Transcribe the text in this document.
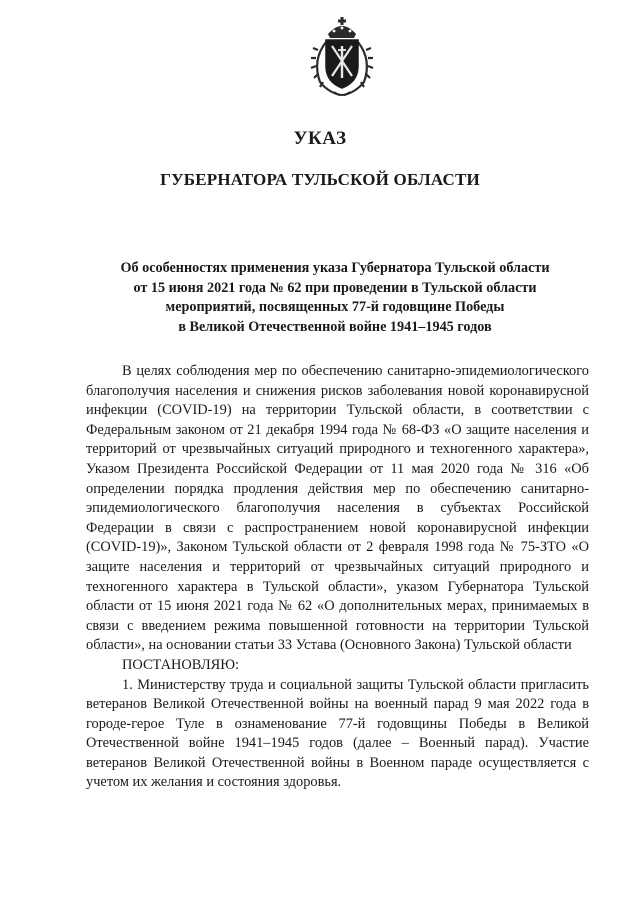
УКАЗ
ГУБЕРНАТОРА ТУЛЬСКОЙ ОБЛАСТИ
Об особенностях применения указа Губернатора Тульской области
от 15 июня 2021 года № 62 при проведении в Тульской области
мероприятий, посвященных 77-й годовщине Победы
в Великой Отечественной войне 1941–1945 годов

В целях соблюдения мер по обеспечению санитарно-эпидемиологического благополучия населения и снижения рисков заболевания новой коронавирусной инфекции (COVID-19) на территории Тульской области, в соответствии с Федеральным законом от 21 декабря 1994 года № 68-ФЗ «О защите населения и территорий от чрезвычайных ситуаций природного и техногенного характера», Указом Президента Российской Федерации от 11 мая 2020 года № 316 «Об определении порядка продления действия мер по обеспечению санитарно-эпидемиологического благополучия населения в субъектах Российской Федерации в связи с распространением новой коронавирусной инфекции (COVID-19)», Законом Тульской области от 2 февраля 1998 года № 75-ЗТО «О защите населения и территорий от чрезвычайных ситуаций природного и техногенного характера в Тульской области», указом Губернатора Тульской области от 15 июня 2021 года № 62 «О дополнительных мерах, принимаемых в связи с введением режима повышенной готовности на территории Тульской области», на основании статьи 33 Устава (Основного Закона) Тульской области
ПОСТАНОВЛЯЮ:

1. Министерству труда и социальной защиты Тульской области пригласить ветеранов Великой Отечественной войны на военный парад 9 мая 2022 года в городе-герое Туле в ознаменование 77-й годовщины Победы в Великой Отечественной войне 1941–1945 годов (далее – Военный парад). Участие ветеранов Великой Отечественной войны в Военном параде осуществляется с учетом их желания и состояния здоровья.
